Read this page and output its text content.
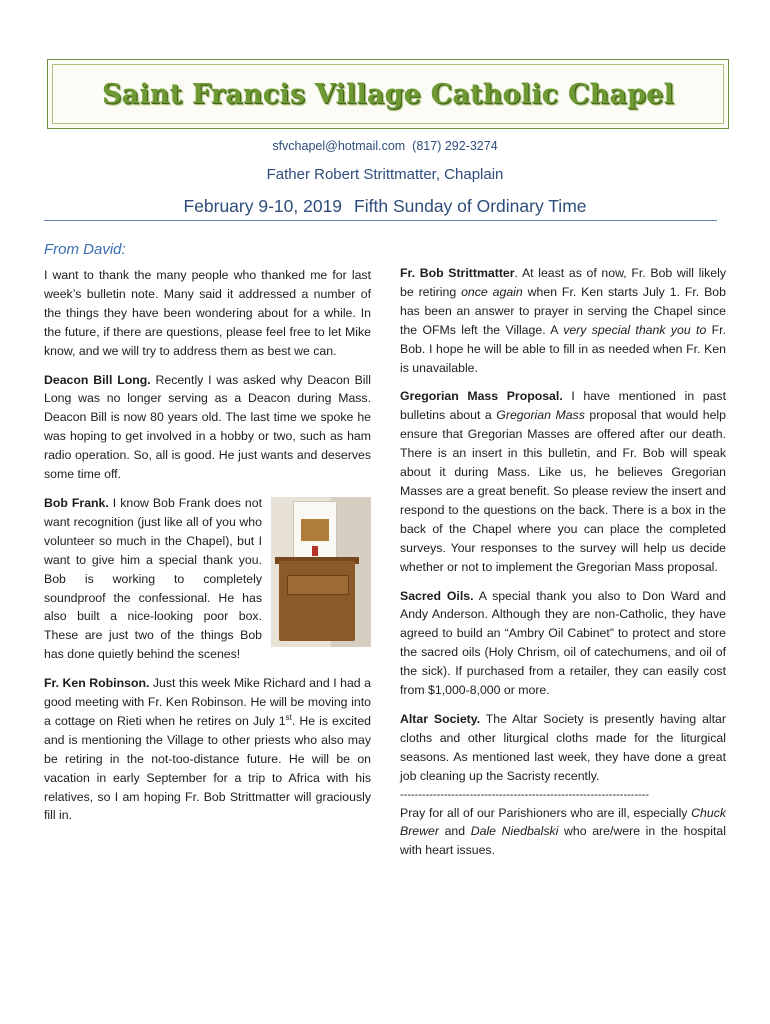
Saint Francis Village Catholic Chapel
sfvchapel@hotmail.com (817) 292-3274
Father Robert Strittmatter, Chaplain
February 9-10, 2019 Fifth Sunday of Ordinary Time
From David:

I want to thank the many people who thanked me for last week’s bulletin note. Many said it addressed a number of the things they have been wondering about for a while. In the future, if there are questions, please feel free to let Mike know, and we will try to address them as best we can.

Deacon Bill Long. Recently I was asked why Deacon Bill Long was no longer serving as a Deacon during Mass. Deacon Bill is now 80 years old. The last time we spoke he was hoping to get involved in a hobby or two, such as ham radio operation. So, all is good. He just wants and deserves some time off.

Bob Frank. I know Bob Frank does not want recognition (just like all of you who volunteer so much in the Chapel), but I want to give him a special thank you. Bob is working to completely soundproof the confessional. He has also built a nice-looking poor box. These are just two of the things Bob has done quietly behind the scenes!

Fr. Ken Robinson. Just this week Mike Richard and I had a good meeting with Fr. Ken Robinson. He will be moving into a cottage on Rieti when he retires on July 1st. He is excited and is mentioning the Village to other priests who also may be retiring in the not-too-distance future. He will be on vacation in early September for a trip to Africa with his relatives, so I am hoping Fr. Bob Strittmatter will graciously fill in.

Fr. Bob Strittmatter. At least as of now, Fr. Bob will likely be retiring once again when Fr. Ken starts July 1. Fr. Bob has been an answer to prayer in serving the Chapel since the OFMs left the Village. A very special thank you to Fr. Bob. I hope he will be able to fill in as needed when Fr. Ken is unavailable.

Gregorian Mass Proposal. I have mentioned in past bulletins about a Gregorian Mass proposal that would help ensure that Gregorian Masses are offered after our death. There is an insert in this bulletin, and Fr. Bob will speak about it during Mass. Like us, he believes Gregorian Masses are a great benefit. So please review the insert and respond to the questions on the back. There is a box in the back of the Chapel where you can place the completed surveys. Your responses to the survey will help us decide whether or not to implement the Gregorian Mass proposal.

Sacred Oils. A special thank you also to Don Ward and Andy Anderson. Although they are non-Catholic, they have agreed to build an “Ambry Oil Cabinet” to protect and store the sacred oils (Holy Chrism, oil of catechumens, and oil of the sick). If purchased from a retailer, they can easily cost from $1,000-8,000 or more.

Altar Society. The Altar Society is presently having altar cloths and other liturgical cloths made for the liturgical seasons. As mentioned last week, they have done a great job cleaning up the Sacristy recently.

--------------------------------------------------------------------

Pray for all of our Parishioners who are ill, especially Chuck Brewer and Dale Niedbalski who are/were in the hospital with heart issues.
